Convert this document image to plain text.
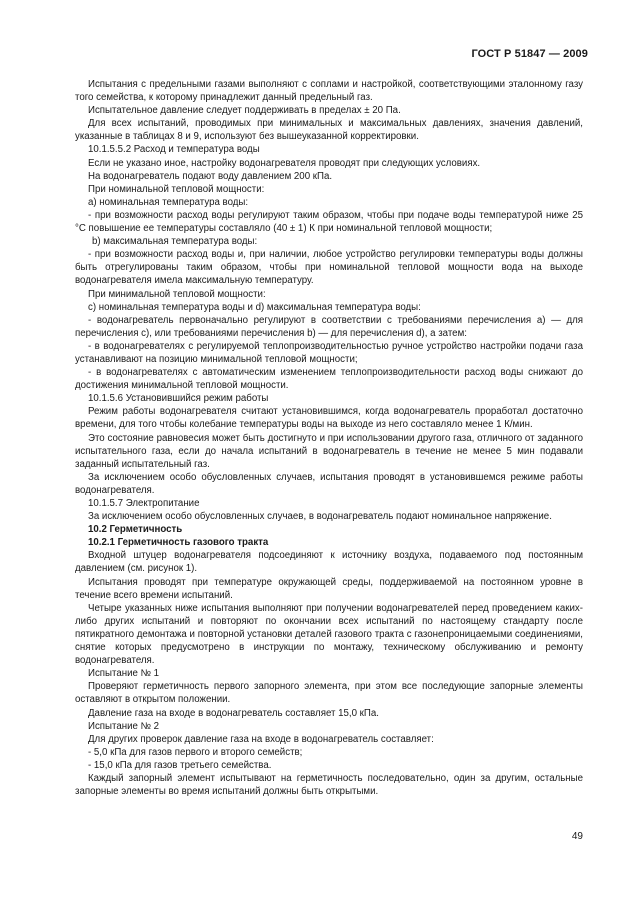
ГОСТ Р 51847 — 2009

Испытания с предельными газами выполняют с соплами и настройкой, соответствующими эталонному газу того семейства, к которому принадлежит данный предельный газ.

Испытательное давление следует поддерживать в пределах ± 20 Па.

Для всех испытаний, проводимых при минимальных и максимальных давлениях, значения давлений, указанные в таблицах 8 и 9, используют без вышеуказанной корректировки.

10.1.5.5.2 Расход и температура воды

Если не указано иное, настройку водонагревателя проводят при следующих условиях.

На водонагреватель подают воду давлением 200 кПа.

При номинальной тепловой мощности:

а) номинальная температура воды:

- при возможности расход воды регулируют таким образом, чтобы при подаче воды температурой ниже 25 °С повышение ее температуры составляло (40 ± 1) К при номинальной тепловой мощности;

b) максимальная температура воды:

- при возможности расход воды и, при наличии, любое устройство регулировки температуры воды должны быть отрегулированы таким образом, чтобы при номинальной тепловой мощности вода на выходе водонагревателя имела максимальную температуру.

При минимальной тепловой мощности:

с) номинальная температура воды и d) максимальная температура воды:

- водонагреватель первоначально регулируют в соответствии с требованиями перечисления а) — для перечисления с), или требованиями перечисления b) — для перечисления d), а затем:

- в водонагревателях с регулируемой теплопроизводительностью ручное устройство настройки подачи газа устанавливают на позицию минимальной тепловой мощности;

- в водонагревателях с автоматическим изменением теплопроизводительности расход воды снижают до достижения минимальной тепловой мощности.

10.1.5.6 Установившийся режим работы

Режим работы водонагревателя считают установившимся, когда водонагреватель проработал достаточно времени, для того чтобы колебание температуры воды на выходе из него составляло менее 1 К/мин.

Это состояние равновесия может быть достигнуто и при использовании другого газа, отличного от заданного испытательного газа, если до начала испытаний в водонагреватель в течение не менее 5 мин подавали заданный испытательный газ.

За исключением особо обусловленных случаев, испытания проводят в установившемся режиме работы водонагревателя.

10.1.5.7 Электропитание

За исключением особо обусловленных случаев, в водонагреватель подают номинальное напряжение.

10.2 Герметичность

10.2.1 Герметичность газового тракта

Входной штуцер водонагревателя подсоединяют к источнику воздуха, подаваемого под постоянным давлением (см. рисунок 1).

Испытания проводят при температуре окружающей среды, поддерживаемой на постоянном уровне в течение всего времени испытаний.

Четыре указанных ниже испытания выполняют при получении водонагревателей перед проведением каких-либо других испытаний и повторяют по окончании всех испытаний по настоящему стандарту после пятикратного демонтажа и повторной установки деталей газового тракта с газонепроницаемыми соединениями, снятие которых предусмотрено в инструкции по монтажу, техническому обслуживанию и ремонту водонагревателя.

Испытание № 1

Проверяют герметичность первого запорного элемента, при этом все последующие запорные элементы оставляют в открытом положении.

Давление газа на входе в водонагреватель составляет 15,0 кПа.

Испытание № 2

Для других проверок давление газа на входе в водонагреватель составляет:

- 5,0 кПа для газов первого и второго семейств;

- 15,0 кПа для газов третьего семейства.

Каждый запорный элемент испытывают на герметичность последовательно, один за другим, остальные запорные элементы во время испытаний должны быть открытыми.

49
